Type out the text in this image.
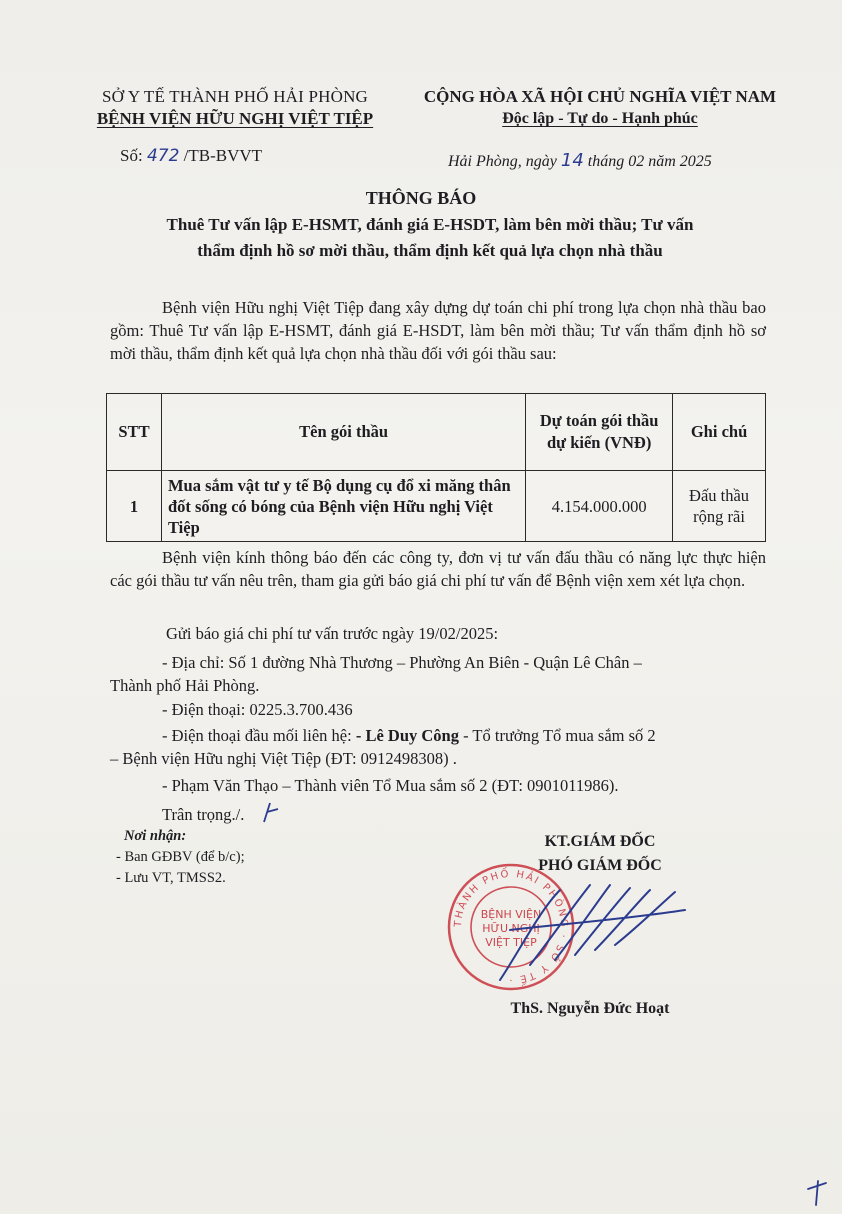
SỞ Y TẾ THÀNH PHỐ HẢI PHÒNG
BỆNH VIỆN HỮU NGHỊ VIỆT TIỆP
CỘNG HÒA XÃ HỘI CHỦ NGHĨA VIỆT NAM
Độc lập - Tự do - Hạnh phúc
Số: 472 /TB-BVVT	Hải Phòng, ngày 14 tháng 02 năm 2025
THÔNG BÁO
Thuê Tư vấn lập E-HSMT, đánh giá E-HSDT, làm bên mời thầu; Tư vấn
thẩm định hồ sơ mời thầu, thẩm định kết quả lựa chọn nhà thầu
Bệnh viện Hữu nghị Việt Tiệp đang xây dựng dự toán chi phí trong lựa chọn nhà thầu bao gồm: Thuê Tư vấn lập E-HSMT, đánh giá E-HSDT, làm bên mời thầu; Tư vấn thẩm định hồ sơ mời thầu, thẩm định kết quả lựa chọn nhà thầu đối với gói thầu sau:
STT	Tên gói thầu	Dự toán gói thầu dự kiến (VNĐ)	Ghi chú
1	Mua sắm vật tư y tế Bộ dụng cụ đổ xi măng thân đốt sống có bóng của Bệnh viện Hữu nghị Việt Tiệp	4.154.000.000	Đấu thầu rộng rãi
Bệnh viện kính thông báo đến các công ty, đơn vị tư vấn đấu thầu có năng lực thực hiện các gói thầu tư vấn nêu trên, tham gia gửi báo giá chi phí tư vấn để Bệnh viện xem xét lựa chọn.
Gửi báo giá chi phí tư vấn trước ngày 19/02/2025:
- Địa chỉ: Số 1 đường Nhà Thương – Phường An Biên - Quận Lê Chân –
Thành phố Hải Phòng.
- Điện thoại: 0225.3.700.436
- Điện thoại đầu mối liên hệ: - Lê Duy Công - Tổ trưởng Tổ mua sắm số 2
– Bệnh viện Hữu nghị Việt Tiệp (ĐT: 0912498308) .
- Phạm Văn Thạo – Thành viên Tổ Mua sắm số 2 (ĐT: 0901011986).
Trân trọng./.
Nơi nhận:
- Ban GĐBV (để b/c);
- Lưu VT, TMSS2.
KT.GIÁM ĐỐC
PHÓ GIÁM ĐỐC
THÀNH PHỐ HẢI PHÒNG · SỞ Y TẾ ·
BỆNH VIỆN
HỮU NGHỊ
VIỆT TIỆP
ThS. Nguyễn Đức Hoạt
